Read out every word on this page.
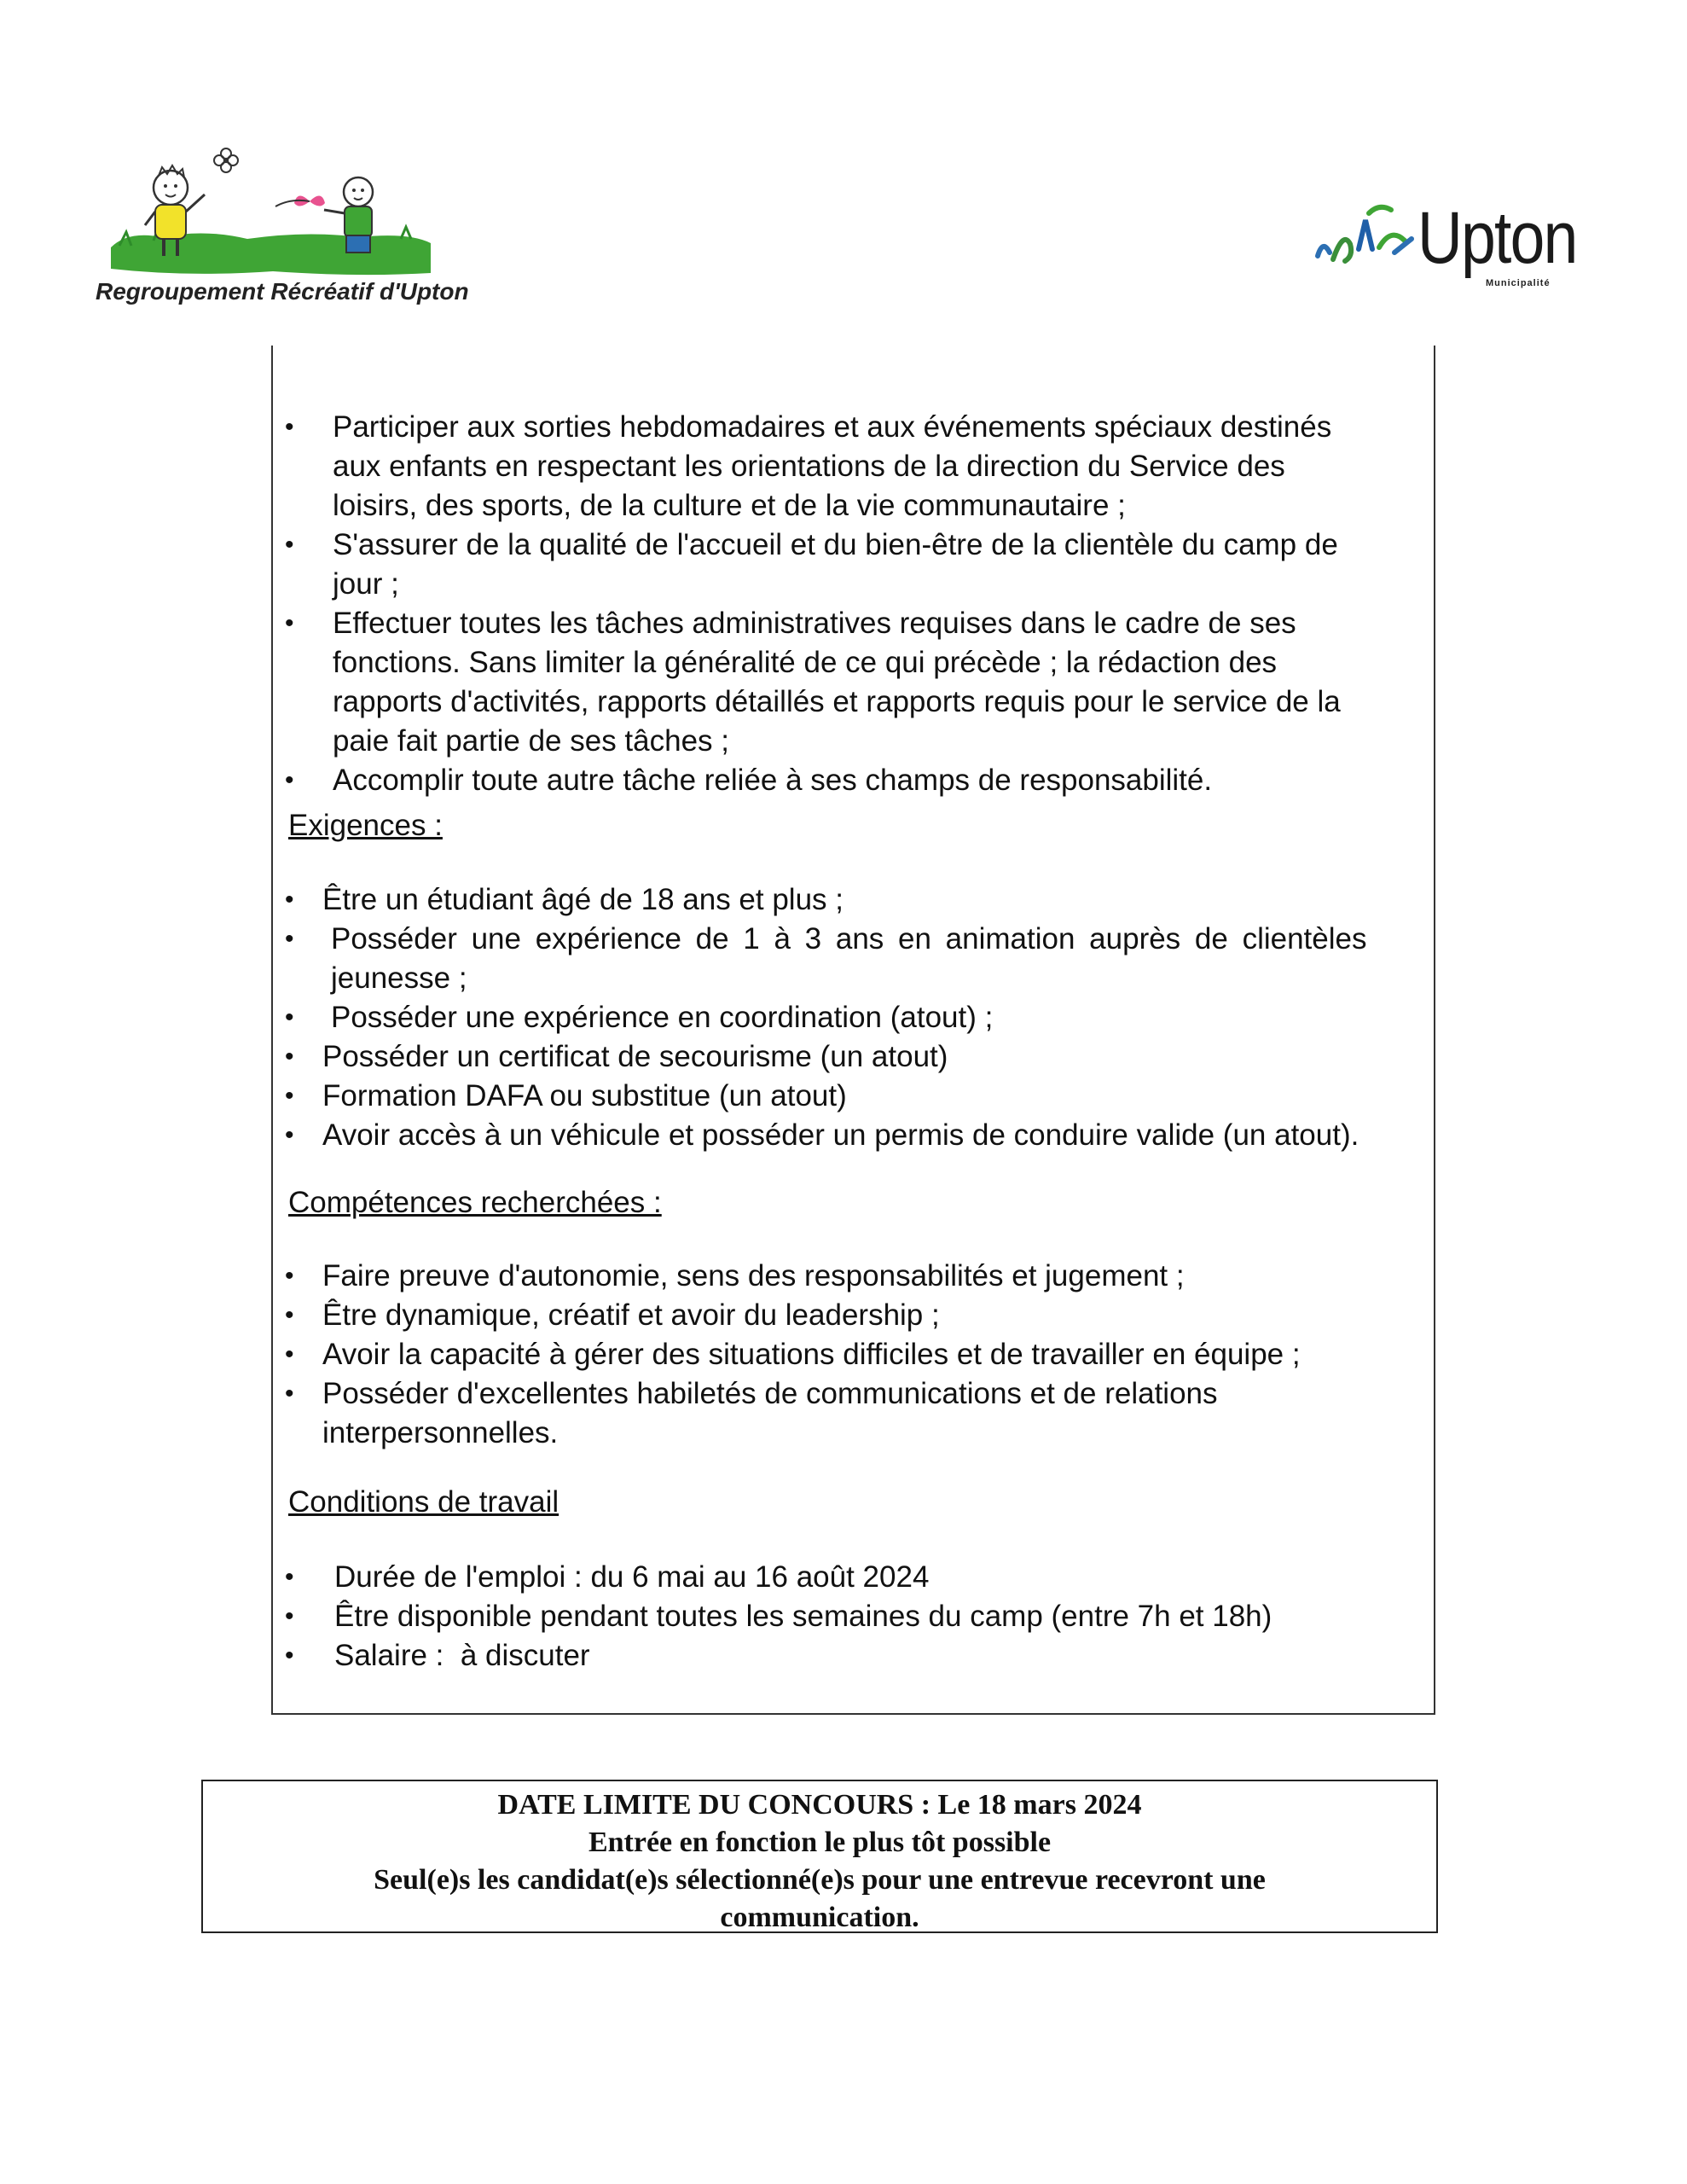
Regroupement Récréatif d'Upton
Upton
Municipalité
• Participer aux sorties hebdomadaires et aux événements spéciaux destinés
aux enfants en respectant les orientations de la direction du Service des
loisirs, des sports, de la culture et de la vie communautaire ;
• S'assurer de la qualité de l'accueil et du bien-être de la clientèle du camp de
jour ;
• Effectuer toutes les tâches administratives requises dans le cadre de ses
fonctions. Sans limiter la généralité de ce qui précède ; la rédaction des
rapports d'activités, rapports détaillés et rapports requis pour le service de la
paie fait partie de ses tâches ;
• Accomplir toute autre tâche reliée à ses champs de responsabilité.
Exigences :
• Être un étudiant âgé de 18 ans et plus ;
• Posséder une expérience de 1 à 3 ans en animation auprès de clientèles
jeunesse ;
• Posséder une expérience en coordination (atout) ;
• Posséder un certificat de secourisme (un atout)
• Formation DAFA ou substitue (un atout)
• Avoir accès à un véhicule et posséder un permis de conduire valide (un atout).
Compétences recherchées :
• Faire preuve d'autonomie, sens des responsabilités et jugement ;
• Être dynamique, créatif et avoir du leadership ;
• Avoir la capacité à gérer des situations difficiles et de travailler en équipe ;
• Posséder d'excellentes habiletés de communications et de relations
interpersonnelles.
Conditions de travail
• Durée de l'emploi : du 6 mai au 16 août 2024
• Être disponible pendant toutes les semaines du camp (entre 7h et 18h)
• Salaire :  à discuter
DATE LIMITE DU CONCOURS : Le 18 mars 2024
Entrée en fonction le plus tôt possible
Seul(e)s les candidat(e)s sélectionné(e)s pour une entrevue recevront une
communication.
